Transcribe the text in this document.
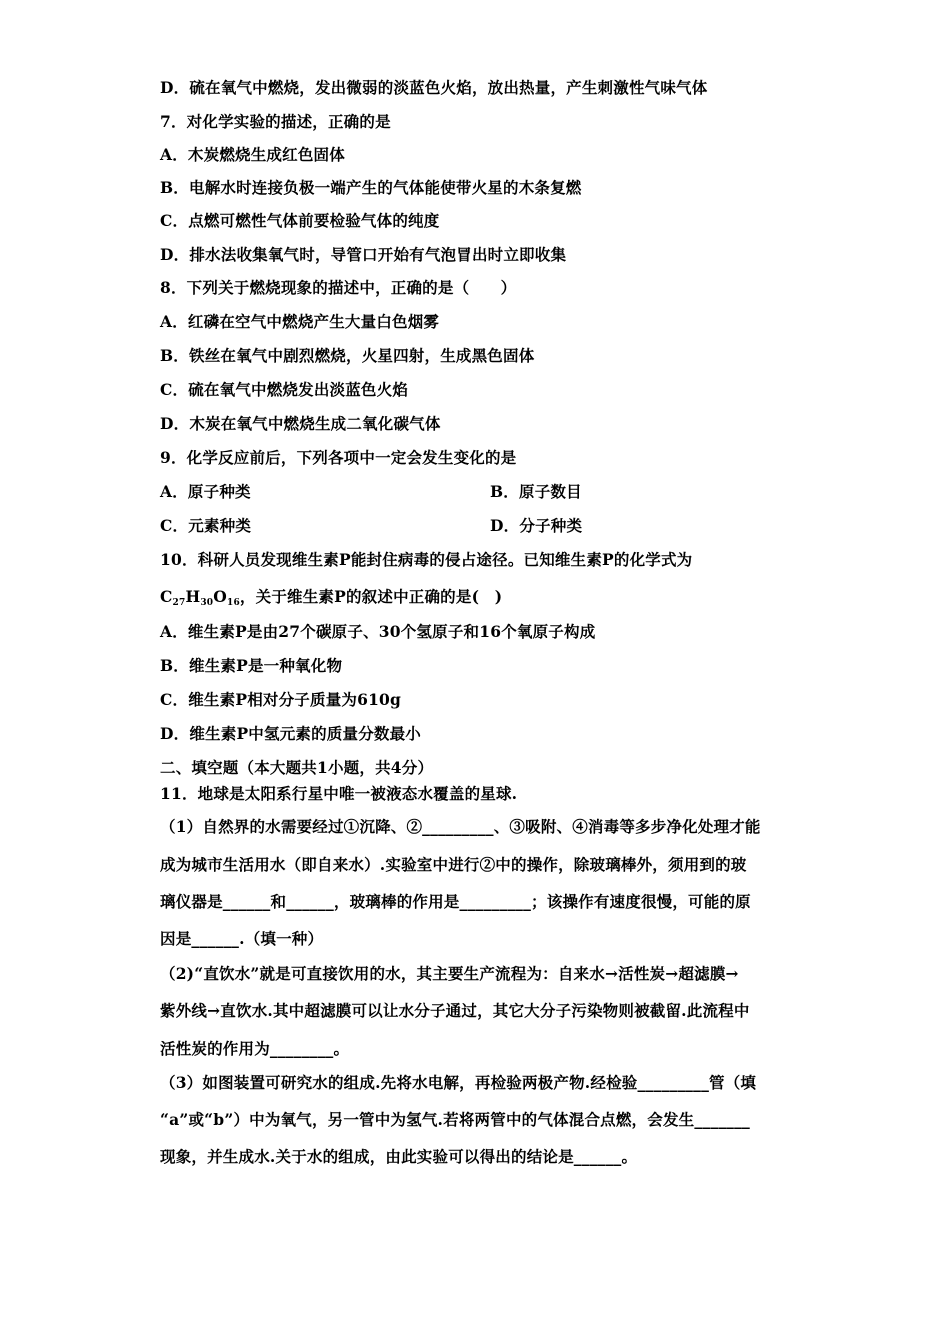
D．硫在氧气中燃烧，发出微弱的淡蓝色火焰，放出热量，产生刺激性气味气体
7．对化学实验的描述，正确的是
A．木炭燃烧生成红色固体
B．电解水时连接负极一端产生的气体能使带火星的木条复燃
C．点燃可燃性气体前要检验气体的纯度
D．排水法收集氧气时，导管口开始有气泡冒出时立即收集
8．下列关于燃烧现象的描述中，正确的是（　　）
A．红磷在空气中燃烧产生大量白色烟雾
B．铁丝在氧气中剧烈燃烧，火星四射，生成黑色固体
C．硫在氧气中燃烧发出淡蓝色火焰
D．木炭在氧气中燃烧生成二氧化碳气体
9．化学反应前后，下列各项中一定会发生变化的是
A．原子种类	B．原子数目
C．元素种类	D．分子种类
10．科研人员发现维生素P能封住病毒的侵占途径。已知维生素P的化学式为
$C_{27}H_{30}O_{16}$，关于维生素P的叙述中正确的是(　)
A．维生素P是由27个碳原子、30个氢原子和16个氧原子构成
B．维生素P是一种氧化物
C．维生素P相对分子质量为610g
D．维生素P中氢元素的质量分数最小
二、填空题（本大题共1小题，共4分）
11．地球是太阳系行星中唯一被液态水覆盖的星球.
（1）自然界的水需要经过①沉降、②_________、③吸附、④消毒等多步净化处理才能
成为城市生活用水（即自来水）.实验室中进行②中的操作，除玻璃棒外，须用到的玻
璃仪器是______和______，玻璃棒的作用是_________；该操作有速度很慢，可能的原
因是______.（填一种）
（2)“直饮水”就是可直接饮用的水，其主要生产流程为：自来水→活性炭→超滤膜→
紫外线→直饮水.其中超滤膜可以让水分子通过，其它大分子污染物则被截留.此流程中
活性炭的作用为________。
（3）如图装置可研究水的组成.先将水电解，再检验两极产物.经检验_________管（填
“a”或“b”）中为氧气，另一管中为氢气.若将两管中的气体混合点燃，会发生_______
现象，并生成水.关于水的组成，由此实验可以得出的结论是______。
